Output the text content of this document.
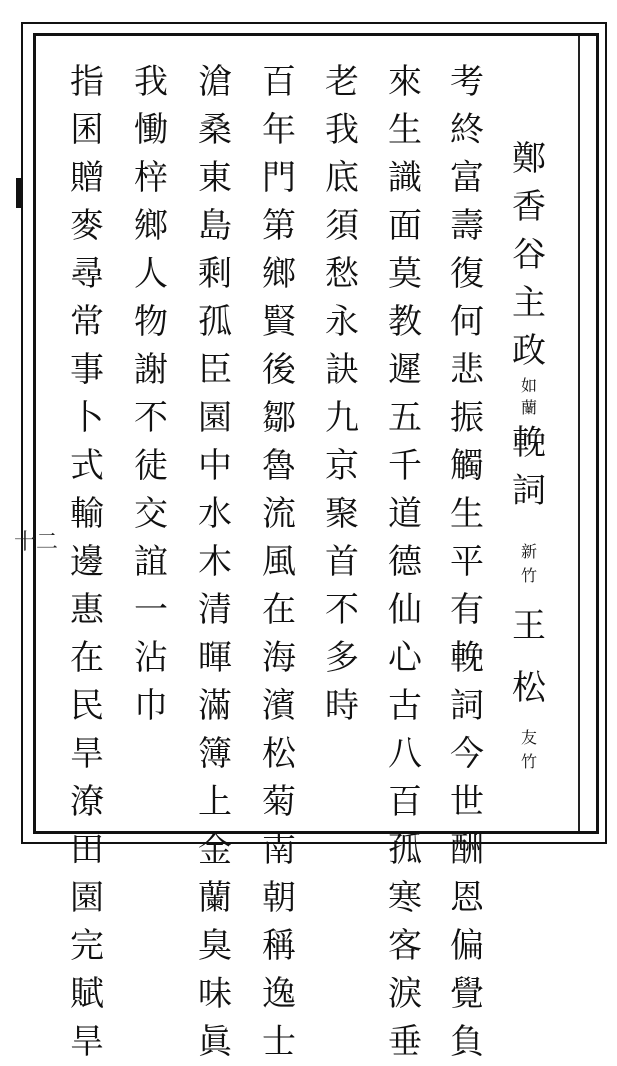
十二
鄭
香
谷
主
政
如
蘭
輓
詞
新
竹
王
松
友
竹
考
終
富
壽
復
何
悲
振
觸
生
平
有
輓
詞
今
世
酬
恩
偏
覺
負
來
生
識
面
莫
教
遲
五
千
道
德
仙
心
古
八
百
孤
寒
客
淚
垂
老
我
底
須
愁
永
訣
九
京
聚
首
不
多
時
百
年
門
第
鄉
賢
後
鄒
魯
流
風
在
海
濱
松
菊
南
朝
稱
逸
士
滄
桑
東
島
剩
孤
臣
園
中
水
木
清
暉
滿
簿
上
金
蘭
臭
味
眞
我
慟
梓
鄉
人
物
謝
不
徒
交
誼
一
沾
巾
指
囷
贈
麥
尋
常
事
卜
式
輸
邊
惠
在
民
旱
潦
田
園
完
賦
旱
